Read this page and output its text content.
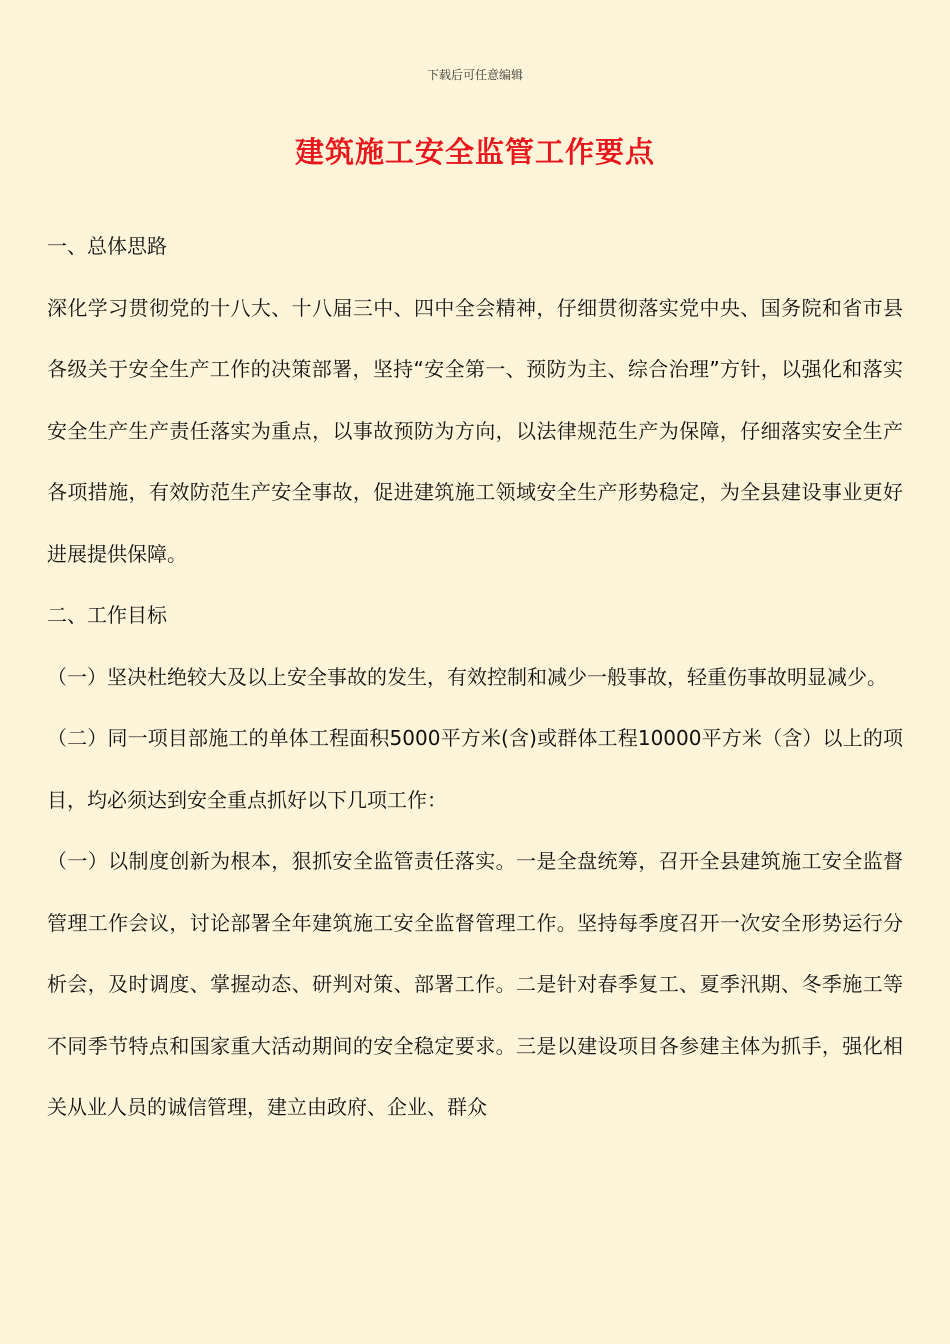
下载后可任意编辑
建筑施工安全监管工作要点

一、总体思路

深化学习贯彻党的十八大、十八届三中、四中全会精神，仔细贯彻落实党中央、国务院和省市县各级关于安全生产工作的决策部署，坚持“安全第一、预防为主、综合治理”方针，以强化和落实安全生产生产责任落实为重点，以事故预防为方向，以法律规范生产为保障，仔细落实安全生产各项措施，有效防范生产安全事故，促进建筑施工领域安全生产形势稳定，为全县建设事业更好进展提供保障。

二、工作目标

（一）坚决杜绝较大及以上安全事故的发生，有效控制和减少一般事故，轻重伤事故明显减少。

（二）同一项目部施工的单体工程面积5000平方米(含)或群体工程10000平方米（含）以上的项目，均必须达到安全重点抓好以下几项工作：

（一）以制度创新为根本，狠抓安全监管责任落实。一是全盘统筹，召开全县建筑施工安全监督管理工作会议，讨论部署全年建筑施工安全监督管理工作。坚持每季度召开一次安全形势运行分析会，及时调度、掌握动态、研判对策、部署工作。二是针对春季复工、夏季汛期、冬季施工等不同季节特点和国家重大活动期间的安全稳定要求。三是以建设项目各参建主体为抓手，强化相关从业人员的诚信管理，建立由政府、企业、群众
